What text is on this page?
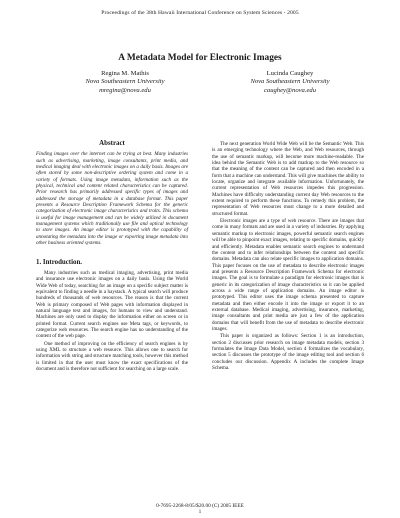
Proceedings of the 38th Hawaii International Conference on System Sciences - 2005
A Metadata Model for Electronic Images
Regina M. Mathis
Nova Southeastern University
mregina@nova.edu
Lucinda Caughey
Nova Southeastern University
caughey@nova.edu
Abstract

Finding images over the internet can be trying at best. Many industries such as advertising, marketing, image consultants, print media, and medical imaging deal with electronic images on a daily basis. Images are often stored by some non-descriptive ordering system and come in a variety of formats. Using image metadata, information such as the physical, technical and content related characteristics can be captured. Prior research has primarily addressed specific types of images and addressed the storage of metadata in a database format. This paper presents a Resource Description Framework Schema for the generic categorization of electronic image characteristics and traits. This schema is useful for image management and can be widely utilized in document management systems which traditionally use file and optical technology to store images. An image editor is prototyped with the capability of annotating the metadata into the image or exporting image metadata into other business oriented systems.

1. Introduction.

Many industries such as medical imaging, advertising, print media and insurance use electronic images on a daily basis. Using the World Wide Web of today, searching for an image on a specific subject matter is equivalent to finding a needle in a haystack. A typical search will produce hundreds of thousands of web resources. The reason is that the current Web is primary composed of Web pages with information displayed in natural language text and images, for humans to view and understand. Machines are only used to display the information either on screen or in printed format. Current search engines use Meta tags, or keywords, to categorize web resources. The search engine has no understanding of the content of the web page.

One method of improving on the efficiency of search engines is by using XML to structure a web resource. This allows one to search for information with string and structure matching tools, however this method is limited in that the user must know the exact specifications of the document and is therefore not sufficient for searching on a large scale.

The next generation World Wide Web will be the Semantic Web. This is an emerging technology where the Web, and Web resources, through the use of semantic markup, will become more machine-readable. The idea behind the Semantic Web is to add markup to the Web resource so that the meaning of the content can be captured and then encoded in a form that a machine can understand. This will give machines the ability to locate, organize and integrate available information. Unfortunately, the current representation of Web resources impedes this progression. Machines have difficulty understanding current day Web resources to the extent required to perform these functions. To remedy this problem, the representation of Web resources must change to a more detailed and structured format.

Electronic images are a type of web resource. There are images that come in many formats and are used in a variety of industries. By applying semantic markup to electronic images, powerful semantic search engines will be able to pinpoint exact images, relating to specific domains, quickly and efficiently. Metadata enables semantic search engines to understand the content and to infer relationships between the content and specific domains. Metadata can also relate specific images to application domains. This paper focuses on the use of metadata to describe electronic images and presents a Resource Description Framework Schema for electronic images. The goal is to formulate a paradigm for electronic images that is generic in its categorization of image characteristics so it can be applied across a wide range of application domains. An image editor is prototyped. This editor uses the image schema presented to capture metadata and then either encode it into the image or export it to an external database. Medical imaging, advertising, insurance, marketing, image consultants and print media are just a few of the application domains that will benefit from the use of metadata to describe electronic images.

This paper is organized as follows: Section 1 is an introduction, section 2 discusses prior research on image metadata models, section 3 formulates the Image Data Model, section 4 formalizes the vocabulary, section 5 discusses the prototype of the image editing tool and section 6 concludes our discussion. Appendix A includes the complete Image Schema.

0-7695-2268-8/05/$20.00 (C) 2005 IEEE
1
